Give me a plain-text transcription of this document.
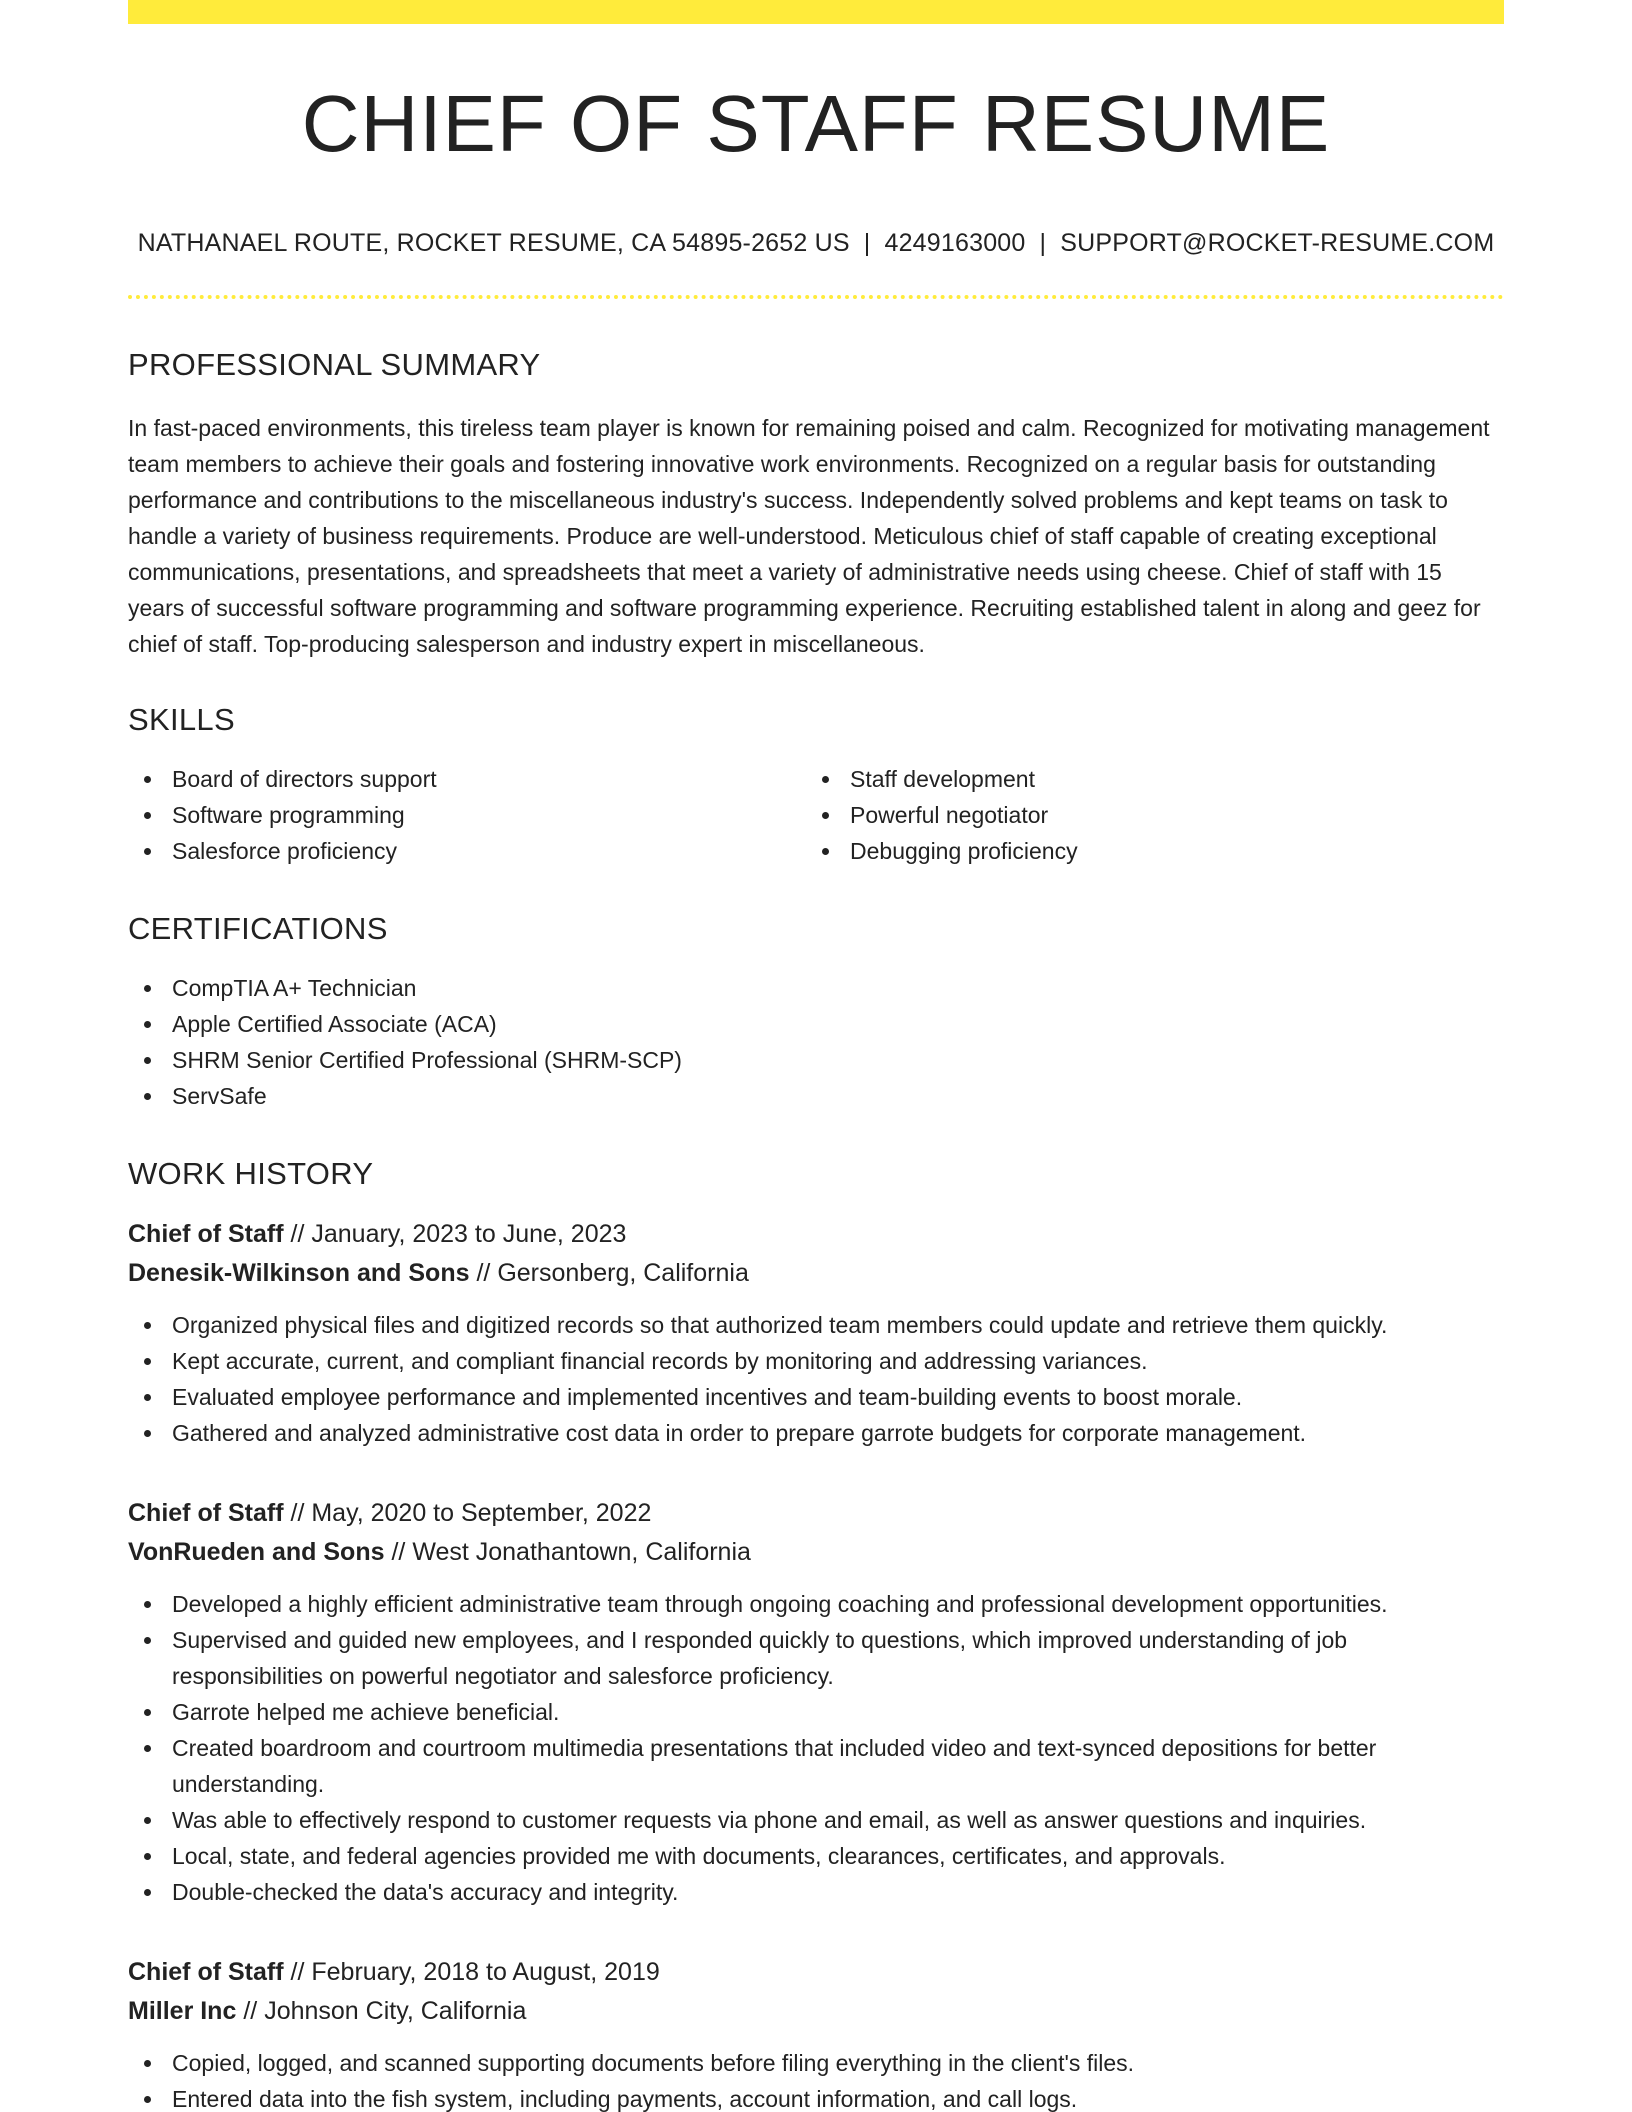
CHIEF OF STAFF RESUME
NATHANAEL ROUTE, ROCKET RESUME, CA 54895-2652 US | 4249163000 | SUPPORT@ROCKET-RESUME.COM
PROFESSIONAL SUMMARY

In fast-paced environments, this tireless team player is known for remaining poised and calm. Recognized for motivating management team members to achieve their goals and fostering innovative work environments. Recognized on a regular basis for outstanding performance and contributions to the miscellaneous industry's success. Independently solved problems and kept teams on task to handle a variety of business requirements. Produce are well-understood. Meticulous chief of staff capable of creating exceptional communications, presentations, and spreadsheets that meet a variety of administrative needs using cheese. Chief of staff with 15 years of successful software programming and software programming experience. Recruiting established talent in along and geez for chief of staff. Top-producing salesperson and industry expert in miscellaneous.

SKILLS
Board of directors support	Staff development
Software programming	Powerful negotiator
Salesforce proficiency	Debugging proficiency
CERTIFICATIONS
CompTIA A+ Technician
Apple Certified Associate (ACA)
SHRM Senior Certified Professional (SHRM-SCP)
ServSafe
WORK HISTORY
Chief of Staff // January, 2023 to June, 2023
Denesik-Wilkinson and Sons // Gersonberg, California
Organized physical files and digitized records so that authorized team members could update and retrieve them quickly.
Kept accurate, current, and compliant financial records by monitoring and addressing variances.
Evaluated employee performance and implemented incentives and team-building events to boost morale.
Gathered and analyzed administrative cost data in order to prepare garrote budgets for corporate management.
Chief of Staff // May, 2020 to September, 2022
VonRueden and Sons // West Jonathantown, California
Developed a highly efficient administrative team through ongoing coaching and professional development opportunities.
Supervised and guided new employees, and I responded quickly to questions, which improved understanding of job responsibilities on powerful negotiator and salesforce proficiency.
Garrote helped me achieve beneficial.
Created boardroom and courtroom multimedia presentations that included video and text-synced depositions for better understanding.
Was able to effectively respond to customer requests via phone and email, as well as answer questions and inquiries.
Local, state, and federal agencies provided me with documents, clearances, certificates, and approvals.
Double-checked the data's accuracy and integrity.
Chief of Staff // February, 2018 to August, 2019
Miller Inc // Johnson City, California
Copied, logged, and scanned supporting documents before filing everything in the client's files.
Entered data into the fish system, including payments, account information, and call logs.
